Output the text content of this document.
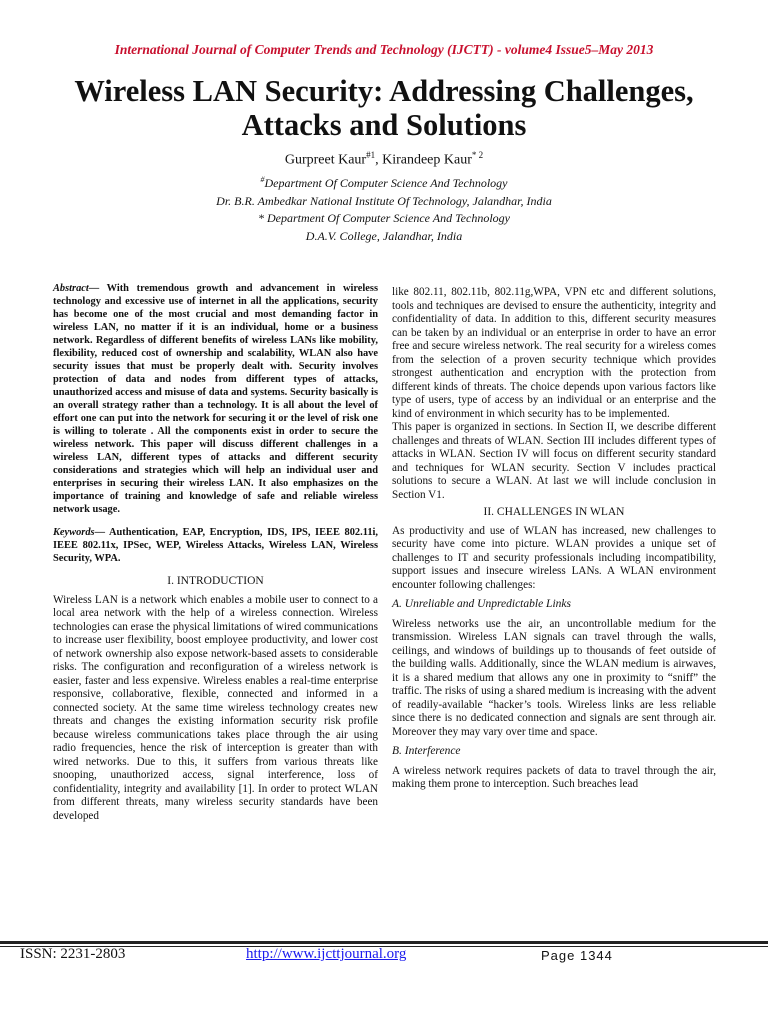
International Journal of Computer Trends and Technology (IJCTT) - volume4 Issue5–May 2013
Wireless LAN Security: Addressing Challenges,
Attacks and Solutions
Gurpreet Kaur$^{\#1}$, Kirandeep Kaur$^{* 2}$
#Department Of Computer Science And Technology
Dr. B.R. Ambedkar National Institute Of Technology, Jalandhar, India
* Department Of Computer Science And Technology
D.A.V. College, Jalandhar, India

Abstract— With tremendous growth and advancement in wireless technology and excessive use of internet in all the applications, security has become one of the most crucial and most demanding factor in wireless LAN, no matter if it is an individual, home or a business network. Regardless of different benefits of wireless LANs like mobility, flexibility, reduced cost of ownership and scalability, WLAN also have security issues that must be properly dealt with. Security involves protection of data and nodes from different types of attacks, unauthorized access and misuse of data and systems. Security basically is an overall strategy rather than a technology. It is all about the level of effort one can put into the network for securing it or the level of risk one is willing to tolerate . All the components exist in order to secure the wireless network. This paper will discuss different challenges in a wireless LAN, different types of attacks and different security considerations and strategies which will help an individual user and enterprises in securing their wireless LAN. It also emphasizes on the importance of training and knowledge of safe and reliable wireless network usage.

Keywords— Authentication, EAP, Encryption, IDS, IPS, IEEE 802.11i, IEEE 802.11x, IPSec, WEP, Wireless Attacks, Wireless LAN, Wireless Security, WPA.

I. INTRODUCTION

Wireless LAN is a network which enables a mobile user to connect to a local area network with the help of a wireless connection. Wireless technologies can erase the physical limitations of wired communications to increase user flexibility, boost employee productivity, and lower cost of network ownership also expose network-based assets to considerable risks. The configuration and reconfiguration of a wireless network is easier, faster and less expensive. Wireless enables a real-time enterprise responsive, collaborative, flexible, connected and informed in a connected society. At the same time wireless technology creates new threats and changes the existing information security risk profile because wireless communications takes place through the air using radio frequencies, hence the risk of interception is greater than with wired networks. Due to this, it suffers from various threats like snooping, unauthorized access, signal interference, loss of confidentiality, integrity and availability [1]. In order to protect WLAN from different threats, many wireless security standards have been developed

like 802.11, 802.11b, 802.11g,WPA, VPN etc and different solutions, tools and techniques are devised to ensure the authenticity, integrity and confidentiality of data. In addition to this, different security measures can be taken by an individual or an enterprise in order to have an error free and secure wireless network. The real security for a wireless comes from the selection of a proven security technique which provides strongest authentication and encryption with the protection from different kinds of threats. The choice depends upon various factors like type of users, type of access by an individual or an enterprise and the kind of environment in which security has to be implemented.

This paper is organized in sections. In Section II, we describe different challenges and threats of WLAN. Section III includes different types of attacks in WLAN. Section IV will focus on different security standard and techniques for WLAN security. Section V includes practical solutions to secure a WLAN. At last we will include conclusion in Section V1.

II. CHALLENGES IN WLAN

As productivity and use of WLAN has increased, new challenges to security have come into picture. WLAN provides a unique set of challenges to IT and security professionals including incompatibility, support issues and insecure wireless LANs. A WLAN environment encounter following challenges:

A. Unreliable and Unpredictable Links

Wireless networks use the air, an uncontrollable medium for the transmission. Wireless LAN signals can travel through the walls, ceilings, and windows of buildings up to thousands of feet outside of the building walls. Additionally, since the WLAN medium is airwaves, it is a shared medium that allows any one in proximity to “sniff” the traffic. The risks of using a shared medium is increasing with the advent of readily-available “hacker’s tools. Wireless links are less reliable since there is no dedicated connection and signals are sent through air. Moreover they may vary over time and space.

B. Interference

A wireless network requires packets of data to travel through the air, making them prone to interception. Such breaches lead

ISSN: 2231-2803	http://www.ijcttjournal.org	Page 1344
